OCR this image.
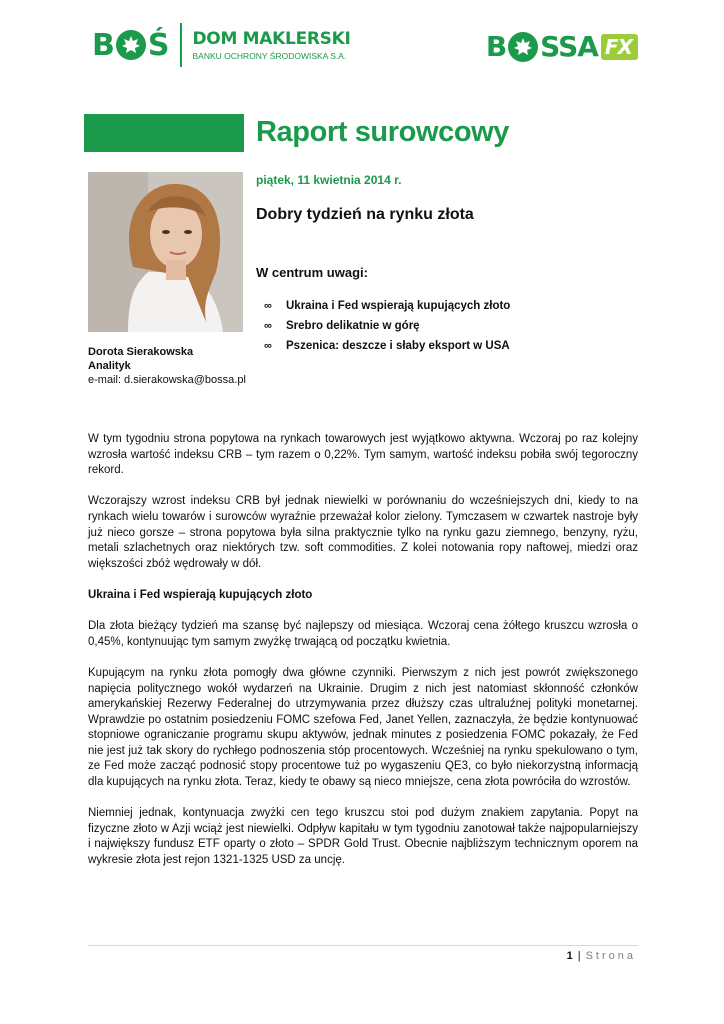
B Ś DOM MAKLERSKI
BANKU OCHRONY ŚRODOWISKA S.A.	B SSA FX
Raport surowcowy
Dorota Sierakowska
Analityk
e-mail: d.sierakowska@bossa.pl
piątek, 11 kwietnia 2014 r.
Dobry tydzień na rynku złota
W centrum uwagi:
∞	Ukraina i Fed wspierają kupujących złoto
∞	Srebro delikatnie w górę
∞	Pszenica: deszcze i słaby eksport w USA

W tym tygodniu strona popytowa na rynkach towarowych jest wyjątkowo aktywna. Wczoraj po raz kolejny wzrosła wartość indeksu CRB – tym razem o 0,22%. Tym samym, wartość indeksu pobiła swój tegoroczny rekord.

Wczorajszy wzrost indeksu CRB był jednak niewielki w porównaniu do wcześniejszych dni, kiedy to na rynkach wielu towarów i surowców wyraźnie przeważał kolor zielony. Tymczasem w czwartek nastroje były już nieco gorsze – strona popytowa była silna praktycznie tylko na rynku gazu ziemnego, benzyny, ryżu, metali szlachetnych oraz niektórych tzw. soft commodities. Z kolei notowania ropy naftowej, miedzi oraz większości zbóż wędrowały w dół.

Ukraina i Fed wspierają kupujących złoto

Dla złota bieżący tydzień ma szansę być najlepszy od miesiąca. Wczoraj cena żółtego kruszcu wzrosła o 0,45%, kontynuując tym samym zwyżkę trwającą od początku kwietnia.

Kupującym na rynku złota pomogły dwa główne czynniki. Pierwszym z nich jest powrót zwiększonego napięcia politycznego wokół wydarzeń na Ukrainie. Drugim z nich jest natomiast skłonność członków amerykańskiej Rezerwy Federalnej do utrzymywania przez dłuższy czas ultraluźnej polityki monetarnej. Wprawdzie po ostatnim posiedzeniu FOMC szefowa Fed, Janet Yellen, zaznaczyła, że będzie kontynuować stopniowe ograniczanie programu skupu aktywów, jednak minutes z posiedzenia FOMC pokazały, że Fed nie jest już tak skory do rychłego podnoszenia stóp procentowych. Wcześniej na rynku spekulowano o tym, ze Fed może zacząć podnosić stopy procentowe tuż po wygaszeniu QE3, co było niekorzystną informacją dla kupujących na rynku złota. Teraz, kiedy te obawy są nieco mniejsze, cena złota powróciła do wzrostów.

Niemniej jednak, kontynuacja zwyżki cen tego kruszcu stoi pod dużym znakiem zapytania. Popyt na fizyczne złoto w Azji wciąż jest niewielki. Odpływ kapitału w tym tygodniu zanotował także najpopularniejszy i największy fundusz ETF oparty o złoto – SPDR Gold Trust. Obecnie najbliższym technicznym oporem na wykresie złota jest rejon 1321-1325 USD za uncję.

1 | Strona
